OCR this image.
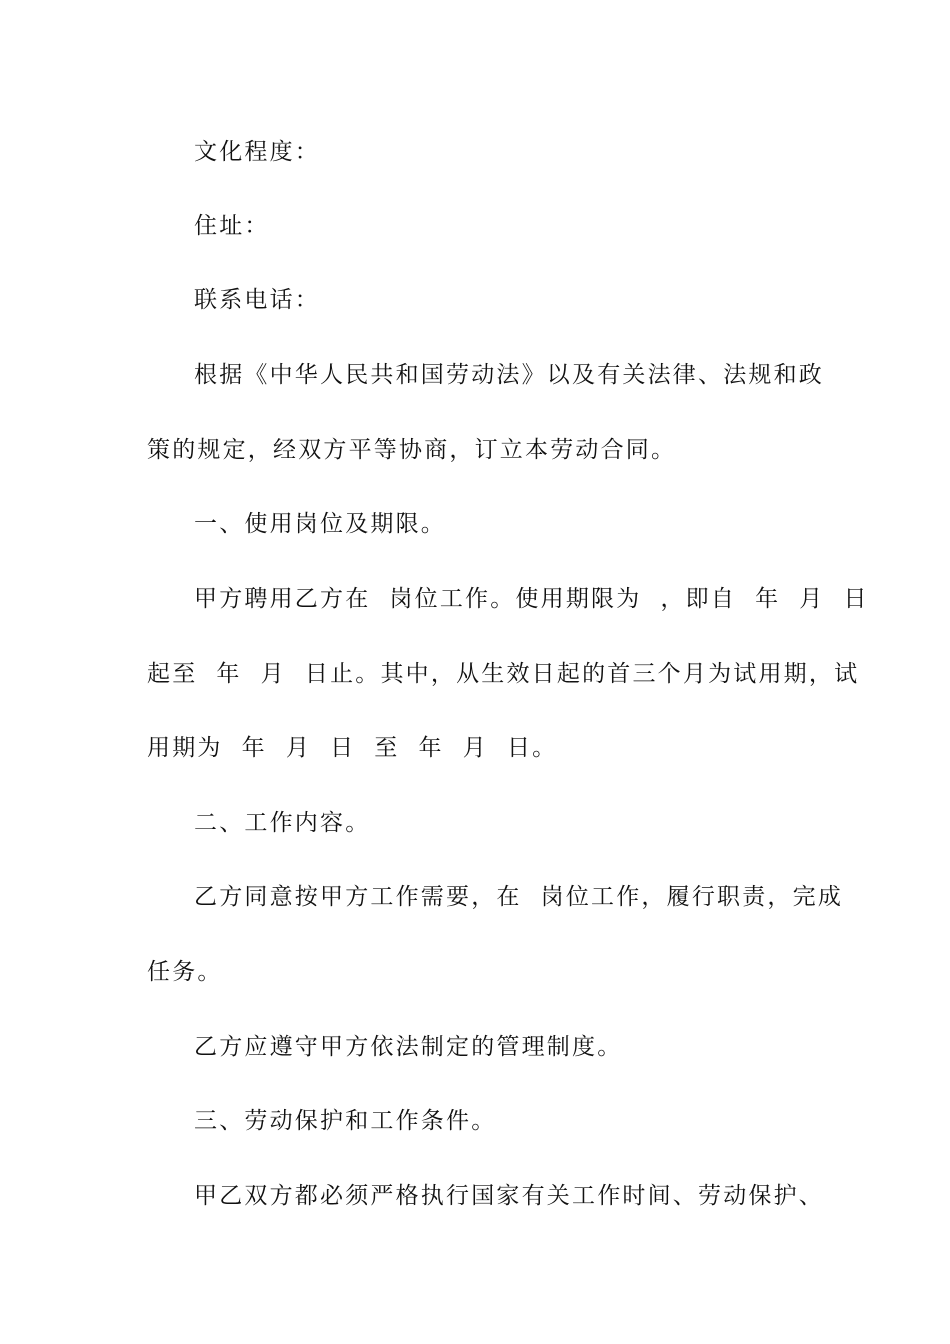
文化程度：
住址：
联系电话：
根据《中华人民共和国劳动法》以及有关法律、法规和政
策的规定，经双方平等协商，订立本劳动合同。
一、使用岗位及期限。
甲方聘用乙方在  岗位工作。使用期限为  ，即自  年  月  日
起至  年  月  日止。其中，从生效日起的首三个月为试用期，试
用期为  年  月  日  至  年  月  日。
二、工作内容。
乙方同意按甲方工作需要，在  岗位工作，履行职责，完成
任务。
乙方应遵守甲方依法制定的管理制度。
三、劳动保护和工作条件。
甲乙双方都必须严格执行国家有关工作时间、劳动保护、
